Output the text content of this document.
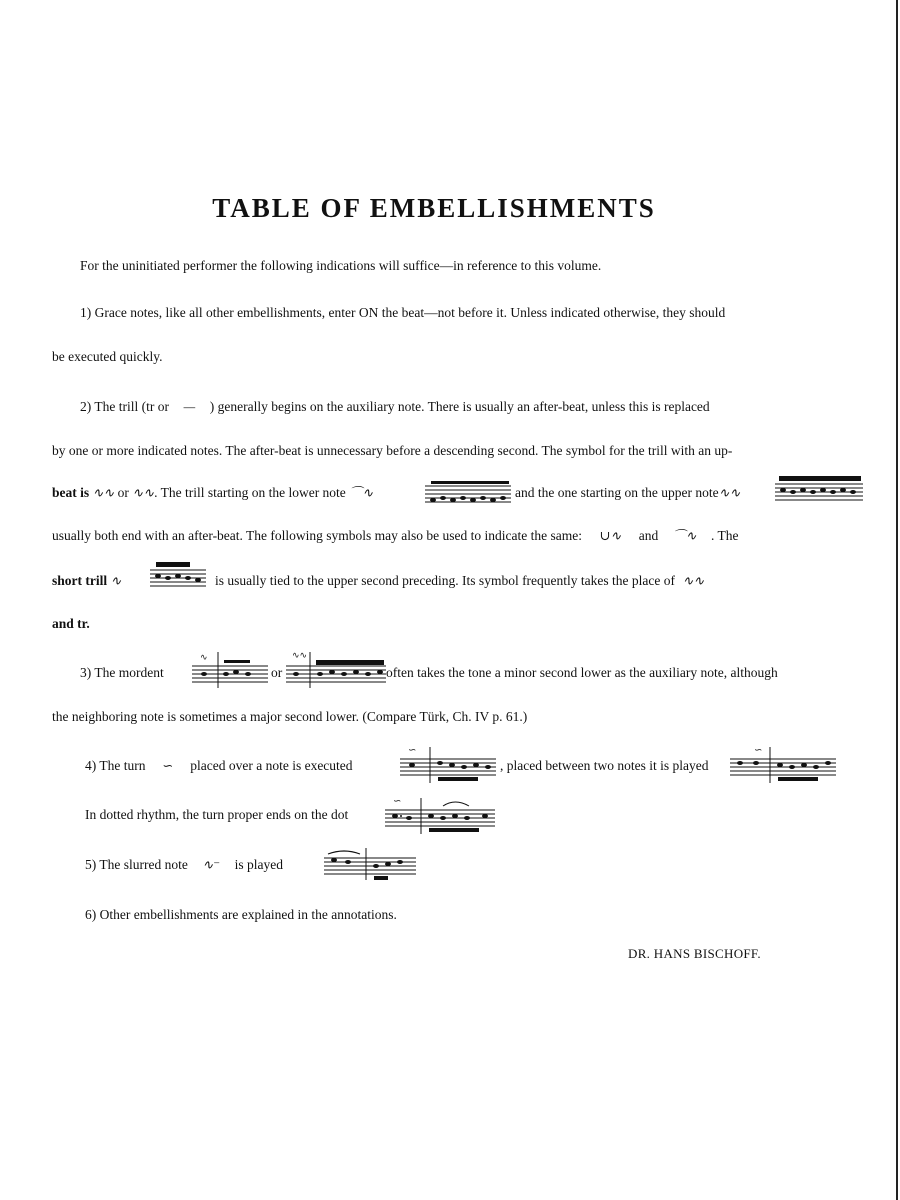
TABLE OF EMBELLISHMENTS
For the uninitiated performer the following indications will suffice—in reference to this volume.
1) Grace notes, like all other embellishments, enter ON the beat—not before it. Unless indicated otherwise, they should
be executed quickly.
2) The trill (tr or — ) generally begins on the auxiliary note. There is usually an after-beat, unless this is replaced
by one or more indicated notes. The after-beat is unnecessary before a descending second. The symbol for the trill with an up-
beat is ∿∿ or ∿∿. The trill starting on the lower note ⌒∿	and the one starting on the upper note∿∿
usually both end with an after-beat. The following symbols may also be used to indicate the same: ∪∿ and ⌒∿ . The
short trill ∿	is usually tied to the upper second preceding. Its symbol frequently takes the place of ∿∿
and tr.
3) The mordent
∿
or
∿∿
often takes the tone a minor second lower as the auxiliary note, although
the neighboring note is sometimes a major second lower. (Compare Türk, Ch. IV p. 61.)
4) The turn ∽ placed over a note is executed
∽
, placed between two notes it is played
∽
In dotted rhythm, the turn proper ends on the dot
∽
5) The slurred note ∿⁻ is played
6) Other embellishments are explained in the annotations.
DR. HANS BISCHOFF.
